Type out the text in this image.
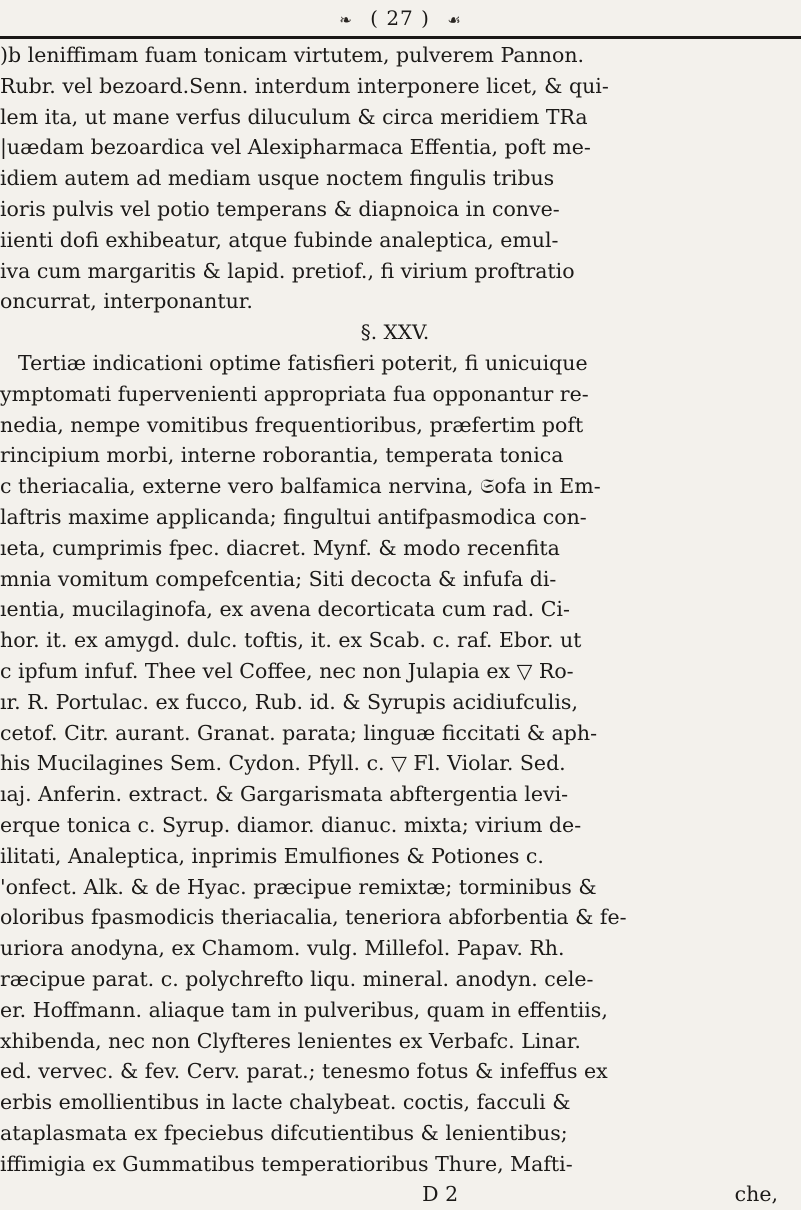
❧ ( 27 ) ☙
)b leniffimam fuam tonicam virtutem, pulverem Pannon.
Rubr. vel bezoard.Senn. interdum interponere licet, & qui-
lem ita, ut mane verfus diluculum & circa meridiem TRa
|uædam bezoardica vel Alexipharmaca Effentia, poft me-
idiem autem ad mediam usque noctem fingulis tribus
ioris pulvis vel potio temperans & diapnoica in conve-
iienti dofi exhibeatur, atque fubinde analeptica, emul-
iva cum margaritis & lapid. pretiof., fi virium proftratio
oncurrat, interponantur.
§. XXV.
Tertiæ indicationi optime fatisfieri poterit, fi unicuique
ymptomati fupervenienti appropriata fua opponantur re-
nedia, nempe vomitibus frequentioribus, præfertim poft
rincipium morbi, interne roborantia, temperata tonica
c theriacalia, externe vero balfamica nervina, 𝔖ofa in Em-
laftris maxime applicanda; fingultui antifpasmodica con-
ıeta, cumprimis fpec. diacret. Mynf. & modo recenfita
mnia vomitum compefcentia; Siti decocta & infufa di-
ıentia, mucilaginofa, ex avena decorticata cum rad. Ci-
hor. it. ex amygd. dulc. toftis, it. ex Scab. c. raf. Ebor. ut
c ipfum infuf. Thee vel Coffee, nec non Julapia ex ▽ Ro-
ır. R. Portulac. ex fucco, Rub. id. & Syrupis acidiufculis,
cetof. Citr. aurant. Granat. parata; linguæ ficcitati & aph-
his Mucilagines Sem. Cydon. Pfyll. c. ▽ Fl. Violar. Sed.
ıaj. Anferin. extract. & Gargarismata abftergentia levi-
erque tonica c. Syrup. diamor. dianuc. mixta; virium de-
ilitati, Analeptica, inprimis Emulfiones & Potiones c.
'onfect. Alk. & de Hyac. præcipue remixtæ; torminibus &
oloribus fpasmodicis theriacalia, teneriora abforbentia & fe-
uriora anodyna, ex Chamom. vulg. Millefol. Papav. Rh.
ræcipue parat. c. polychrefto liqu. mineral. anodyn. cele-
er. Hoffmann. aliaque tam in pulveribus, quam in effentiis,
xhibenda, nec non Clyfteres lenientes ex Verbafc. Linar.
ed. vervec. & fev. Cerv. parat.; tenesmo fotus & infeffus ex
erbis emollientibus in lacte chalybeat. coctis, facculi &
ataplasmata ex fpeciebus difcutientibus & lenientibus;
iffimigia ex Gummatibus temperatioribus Thure, Mafti-
D 2	che,
